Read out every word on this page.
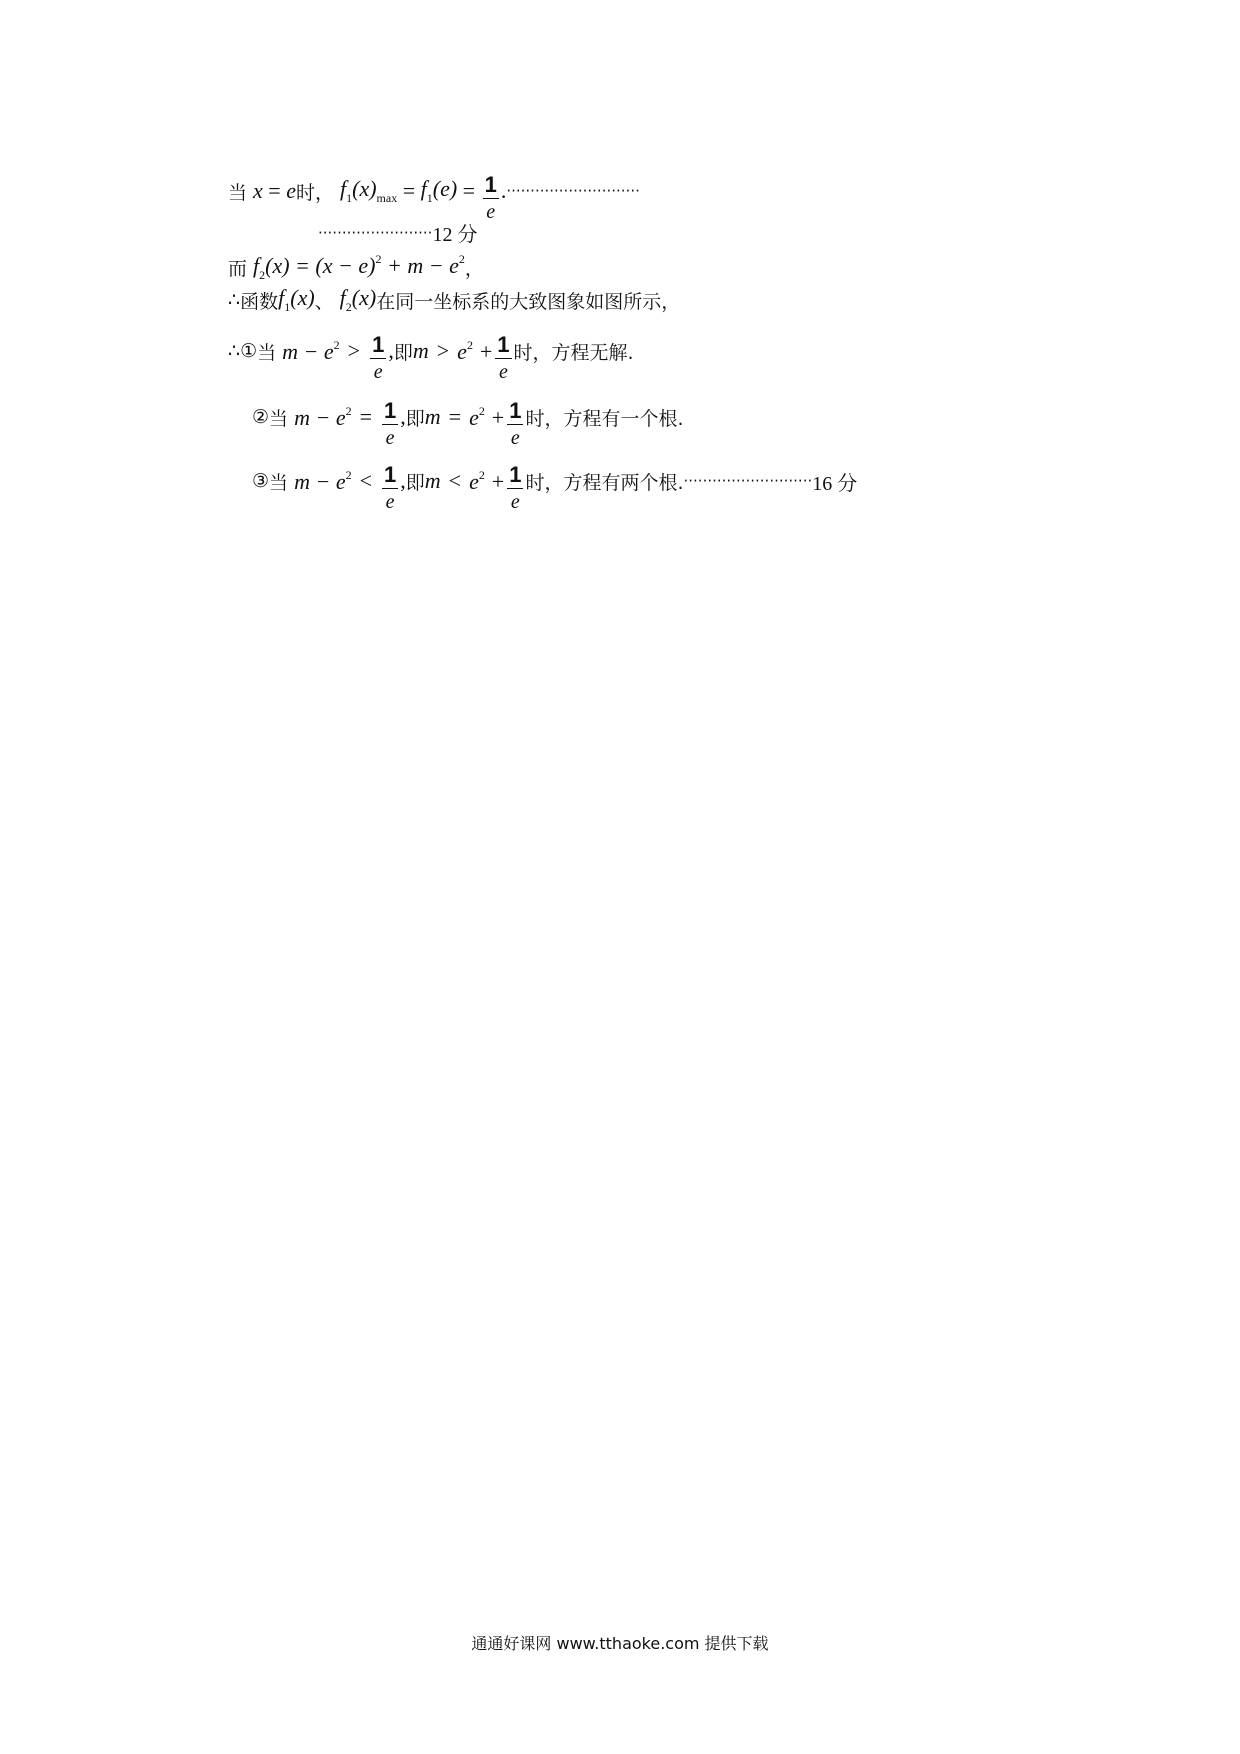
当 x = e 时， $f_1(x)_{max} = f_1(e) = \frac{1}{e}$ . ····························
························ 12 分
而 $f_2(x) = (x - e)^2 + m - e^2$ ，
∴ 函数 $f_1(x)$ 、 $f_2(x)$ 在同一坐标系的大致图象如图所示，
∴ ① 当 $m - e^2 > \frac{1}{e}$ , 即 $m > e^2 + \frac{1}{e}$ 时，方程无解.
② 当 $m - e^2 = \frac{1}{e}$ , 即 $m = e^2 + \frac{1}{e}$ 时，方程有一个根.
③ 当 $m - e^2 < \frac{1}{e}$ , 即 $m < e^2 + \frac{1}{e}$ 时，方程有两个根. ··························· 16 分
通通好课网 www.tthaoke.com 提供下载
